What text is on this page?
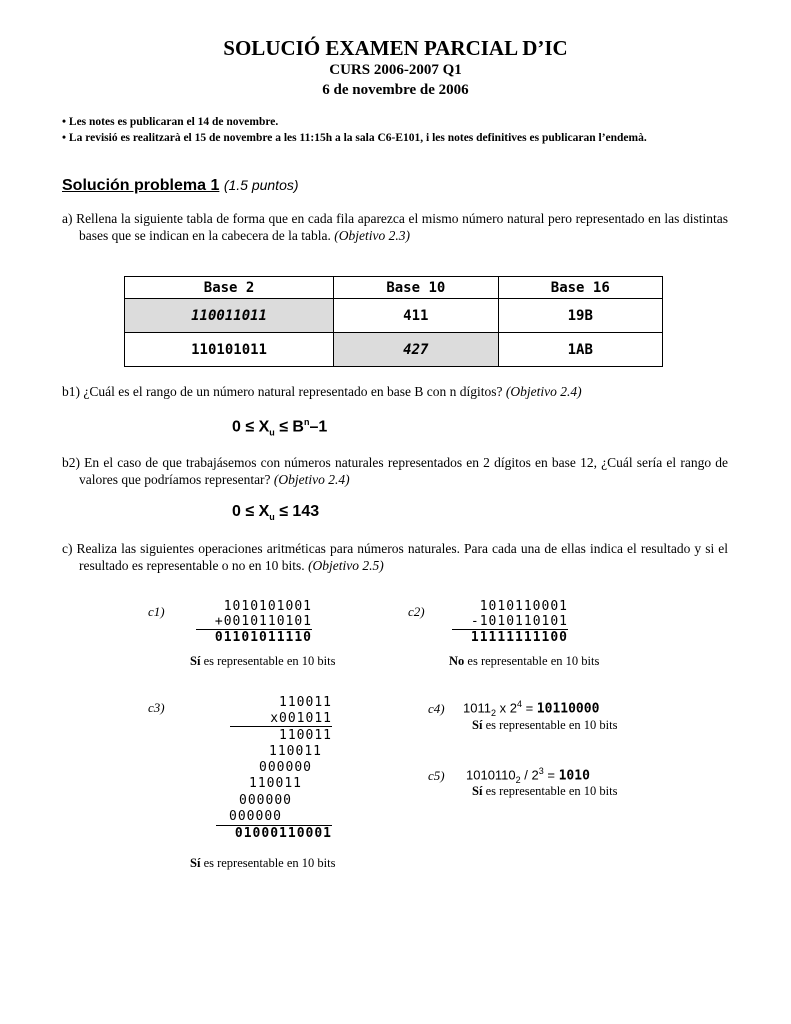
SOLUCIÓ EXAMEN PARCIAL D’IC
CURS 2006-2007 Q1
6 de novembre de 2006
• Les notes es publicaran el 14 de novembre.
• La revisió es realitzarà el 15 de novembre a les 11:15h a la sala C6-E101, i les notes definitives es publicaran l’endemà.
Solución problema 1 (1.5 puntos)
a) Rellena la siguiente tabla de forma que en cada fila aparezca el mismo número natural pero representado en las distintas bases que se indican en la cabecera de la tabla. (Objetivo 2.3)
Base 2	Base 10	Base 16
110011011	411	19B
110101011	427	1AB
b1) ¿Cuál es el rango de un número natural representado en base B con n dígitos? (Objetivo 2.4)
$0 \le X_u \le B^n-1$
b2) En el caso de que trabajásemos con números naturales representados en 2 dígitos en base 12, ¿Cuál sería el rango de valores que podríamos representar? (Objetivo 2.4)
$0 \le X_u \le 143$
c) Realiza las siguientes operaciones aritméticas para números naturales. Para cada una de ellas indica el resultado y si el resultado es representable o no en 10 bits. (Objetivo 2.5)
c1)	1010101001
+0010110101
01101011110
Sí es representable en 10 bits
c2)	1010110001
-1010110101
11111111100
No es representable en 10 bits
c3)	110011
x001011
110011
110011
000000
110011
000000
000000
01000110001
Sí es representable en 10 bits
c4) $1011_2$ x $2^4 = 10110000$
Sí es representable en 10 bits
c5) $1010110_2 / 2^3 = 1010$
Sí es representable en 10 bits
